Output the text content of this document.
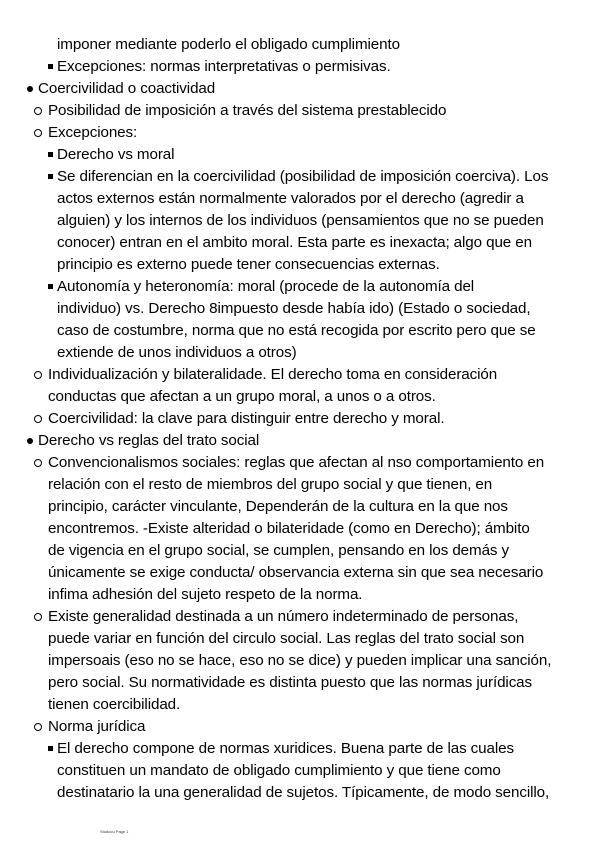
imponer mediante poderlo el obligado cumplimiento
Excepciones: normas interpretativas o permisivas.
Coercivilidad o coactividad
Posibilidad de imposición a través del sistema prestablecido
Excepciones:
Derecho vs moral
Se diferencian en la coercivilidad (posibilidad de imposición coerciva). Los
actos externos están normalmente valorados por el derecho (agredir a
alguien) y los internos de los individuos (pensamientos que no se pueden
conocer) entran en el ambito moral. Esta parte es inexacta; algo que en
principio es externo puede tener consecuencias externas.
Autonomía y heteronomía: moral (procede de la autonomía del
individuo) vs. Derecho 8impuesto desde había ido) (Estado o sociedad,
caso de costumbre, norma que no está recogida por escrito pero que se
extiende de unos individuos a otros)
Individualización y bilateralidade. El derecho toma en consideración
conductas que afectan a un grupo moral, a unos o a otros.
Coercivilidad: la clave para distinguir entre derecho y moral.
Derecho vs reglas del trato social
Convencionalismos sociales: reglas que afectan al nso comportamiento en
relación con el resto de miembros del grupo social y que tienen, en
principio, carácter vinculante, Dependerán de la cultura en la que nos
encontremos. -Existe alteridad o bilateridade (como en Derecho); ámbito
de vigencia en el grupo social, se cumplen, pensando en los demás y
únicamente se exige conducta/ observancia externa sin que sea necesario
infima adhesión del sujeto respeto de la norma.
Existe generalidad destinada a un número indeterminado de personas,
puede variar en función del circulo social. Las reglas del trato social son
impersoais (eso no se hace, eso no se dice) y pueden implicar una sanción,
pero social. Su normatividade es distinta puesto que las normas jurídicas
tienen coercibilidad.
Norma jurídica
El derecho compone de normas xuridices. Buena parte de las cuales
constituen un mandato de obligado cumplimiento y que tiene como
destinatario la una generalidad de sujetos. Típicamente, de modo sencillo,
Studocu Page 1
